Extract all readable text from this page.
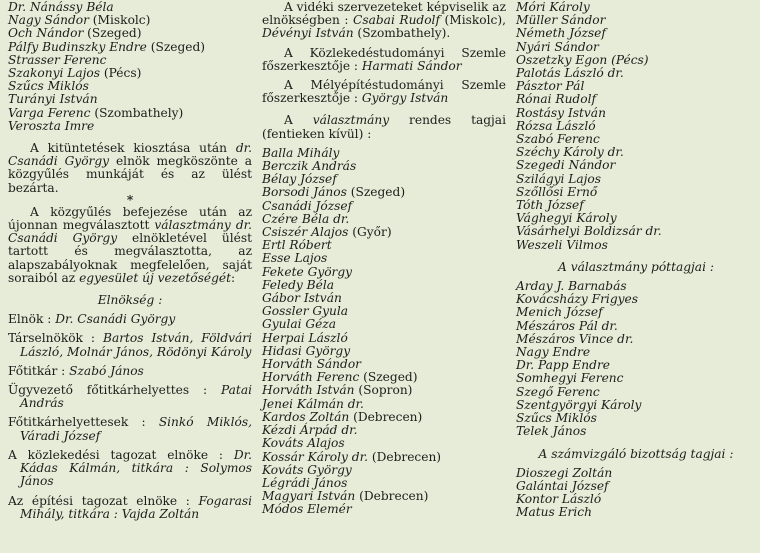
Dr. Nánássy Béla
Nagy Sándor (Miskolc)
Och Nándor (Szeged)
Pálfy Budinszky Endre (Szeged)
Strasser Ferenc
Szakonyi Lajos (Pécs)
Szűcs Miklós
Turányi István
Varga Ferenc (Szombathely)
Veroszta Imre
A kitüntetések kiosztása után dr. Csanádi György elnök megköszönte a közgyűlés munkáját és az ülést bezárta.
*
A közgyűlés befejezése után az újonnan megválasztott választmány dr. Csanádi György elnökletével ülést tartott és megválasztotta, az alapszabályoknak megfelelően, saját soraiból az egyesület új vezetőségét:
Elnökség :
Elnök : Dr. Csanádi György
Társelnökök : Bartos István, Földvári László, Molnár János, Rödönyi Károly
Főtitkár : Szabó János
Ügyvezető főtitkárhelyettes : Patai András
Főtitkárhelyettesek : Sinkó Miklós, Váradi József
A közlekedési tagozat elnöke : Dr. Kádas Kálmán, titkára : Solymos János
Az építési tagozat elnöke : Fogarasi Mihály, titkára : Vajda Zoltán
A vidéki szervezeteket képviselik az elnökségben : Csabai Rudolf (Miskolc), Dévényi István (Szombathely).
A Közlekedéstudományi Szemle főszerkesztője : Harmati Sándor
A Mélyépítéstudományi Szemle főszerkesztője : György István
A választmány rendes tagjai (fentieken kívül) :
Balla Mihály
Berczik András
Bélay József
Borsodi János (Szeged)
Csanádi József
Czére Béla dr.
Csiszér Alajos (Győr)
Ertl Róbert
Esse Lajos
Fekete György
Feledy Béla
Gábor István
Gossler Gyula
Gyulai Géza
Herpai László
Hidasi György
Horváth Sándor
Horváth Ferenc (Szeged)
Horváth István (Sopron)
Jenei Kálmán dr.
Kardos Zoltán (Debrecen)
Kézdi Árpád dr.
Kováts Alajos
Kossár Károly dr. (Debrecen)
Kováts György
Légrádi János
Magyari István (Debrecen)
Módos Elemér
Móri Károly
Müller Sándor
Németh József
Nyári Sándor
Oszetzky Egon (Pécs)
Palotás László dr.
Pásztor Pál
Rónai Rudolf
Rostásy István
Rózsa László
Szabó Ferenc
Széchy Károly dr.
Szegedi Nándor
Szilágyi Lajos
Szőllősi Ernő
Tóth József
Vághegyi Károly
Vásárhelyi Boldizsár dr.
Weszeli Vilmos
A választmány póttagjai :
Arday J. Barnabás
Kovácsházy Frigyes
Menich József
Mészáros Pál dr.
Mészáros Vince dr.
Nagy Endre
Dr. Papp Endre
Somhegyi Ferenc
Szegő Ferenc
Szentgyörgyi Károly
Szűcs Miklós
Telek János
A számvizgáló bizottság tagjai :
Dioszegi Zoltán
Galántai József
Kontor László
Matus Erich
